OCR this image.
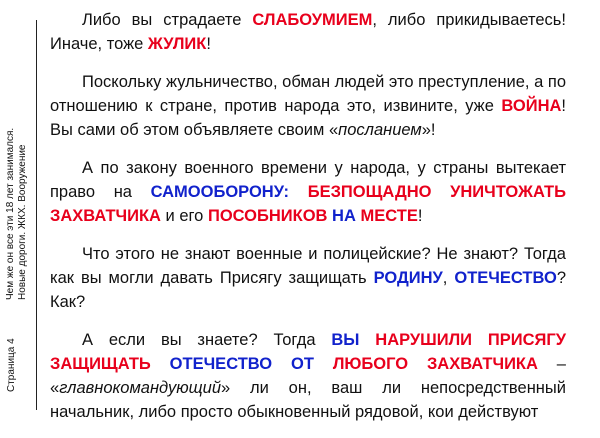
Страница 4
Чем же он все эти 18 лет занимался. Новые дороги. ЖКХ. Вооружение

Либо вы страдаете СЛАБОУМИЕМ, либо прикидываетесь! Иначе, тоже ЖУЛИК!

Поскольку жульничество, обман людей это преступление, а по отношению к стране, против народа это, извините, уже ВОЙНА! Вы сами об этом объявляете своим «посланием»!

А по закону военного времени у народа, у страны вытекает право на САМООБОРОНУ: БЕЗПОЩАДНО УНИЧТОЖАТЬ ЗАХВАТЧИКА и его ПОСОБНИКОВ НА МЕСТЕ!

Что этого не знают военные и полицейские? Не знают? Тогда как вы могли давать Присягу защищать РОДИНУ, ОТЕЧЕСТВО? Как?

А если вы знаете? Тогда ВЫ НАРУШИЛИ ПРИСЯГУ ЗАЩИЩАТЬ ОТЕЧЕСТВО ОТ ЛЮБОГО ЗАХВАТЧИКА – «главнокомандующий» ли он, ваш ли непосредственный начальник, либо просто обыкновенный рядовой, кои действуют
